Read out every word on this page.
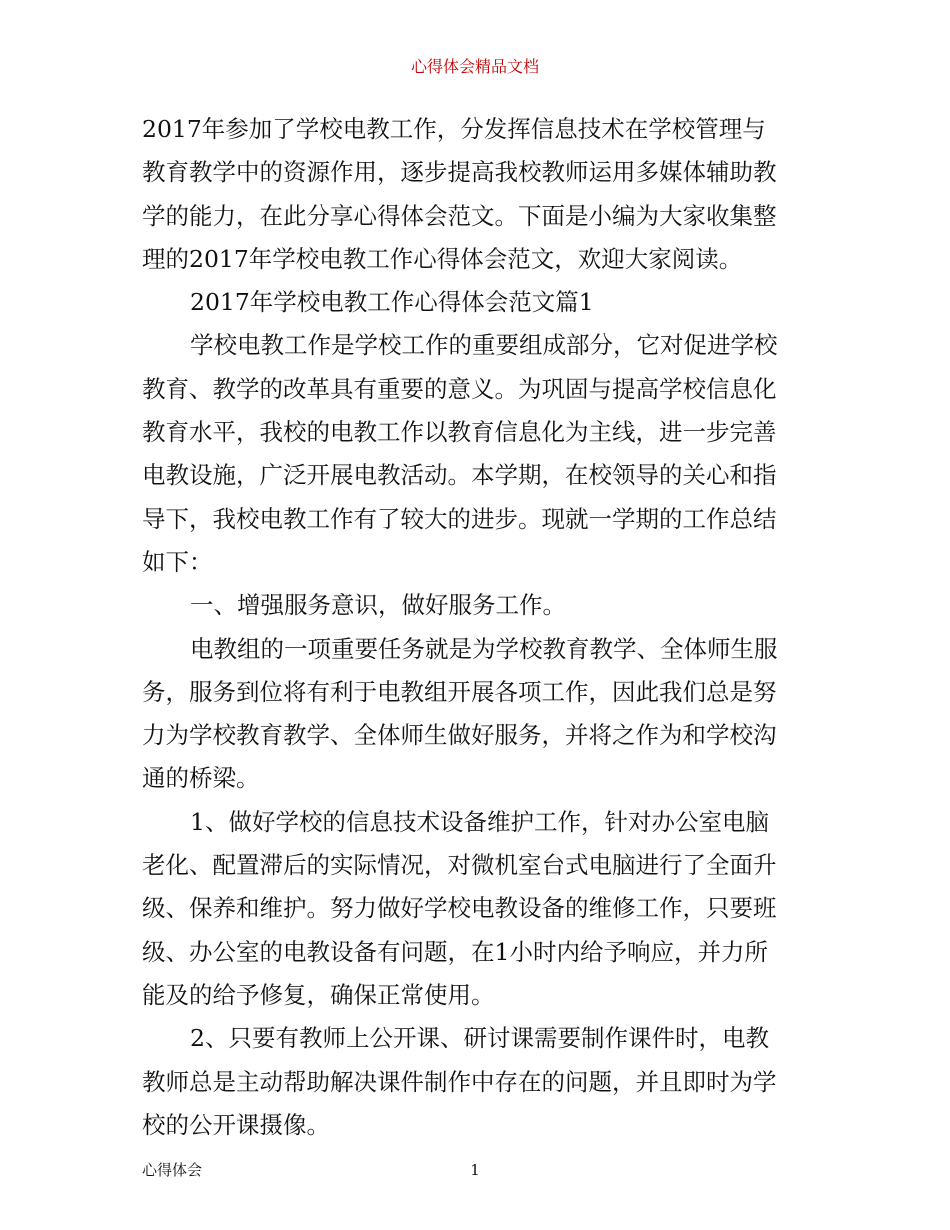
心得体会精品文档
2017年参加了学校电教工作，分发挥信息技术在学校管理与
教育教学中的资源作用，逐步提高我校教师运用多媒体辅助教
学的能力，在此分享心得体会范文。下面是小编为大家收集整
理的2017年学校电教工作心得体会范文，欢迎大家阅读。
2017年学校电教工作心得体会范文篇1
学校电教工作是学校工作的重要组成部分，它对促进学校
教育、教学的改革具有重要的意义。为巩固与提高学校信息化
教育水平，我校的电教工作以教育信息化为主线，进一步完善
电教设施，广泛开展电教活动。本学期，在校领导的关心和指
导下，我校电教工作有了较大的进步。现就一学期的工作总结
如下：
一、增强服务意识，做好服务工作。
电教组的一项重要任务就是为学校教育教学、全体师生服
务，服务到位将有利于电教组开展各项工作，因此我们总是努
力为学校教育教学、全体师生做好服务，并将之作为和学校沟
通的桥梁。
1、做好学校的信息技术设备维护工作，针对办公室电脑
老化、配置滞后的实际情况，对微机室台式电脑进行了全面升
级、保养和维护。努力做好学校电教设备的维修工作，只要班
级、办公室的电教设备有问题，在1小时内给予响应，并力所
能及的给予修复，确保正常使用。
2、只要有教师上公开课、研讨课需要制作课件时，电教
教师总是主动帮助解决课件制作中存在的问题，并且即时为学
校的公开课摄像。
心得体会	1
